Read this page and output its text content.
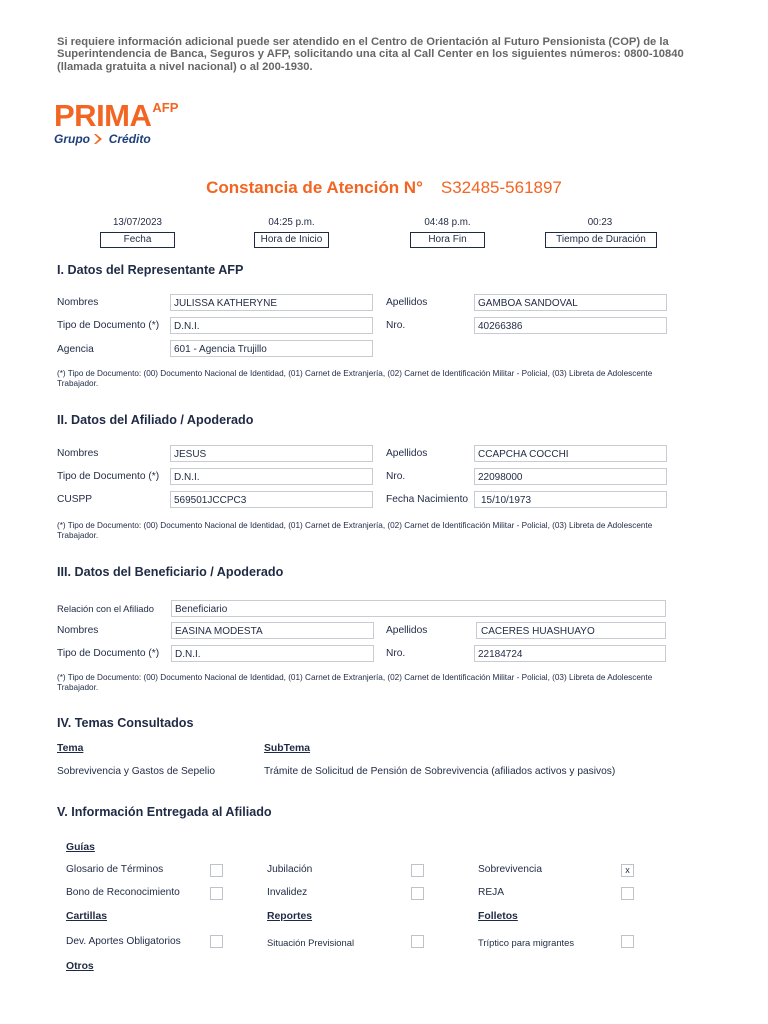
Si requiere información adicional puede ser atendido en el Centro de Orientación al Futuro Pensionista (COP) de la Superintendencia de Banca, Seguros y AFP, solicitando una cita al Call Center en los siguientes números: 0800-10840 (llamada gratuita a nivel nacional) o al 200-1930.
$PRIMA^{AFP}$
Grupo Crédito
Constancia de Atención N° S32485-561897
13/07/2023
Fecha
04:25 p.m.
Hora de Inicio
04:48 p.m.
Hora Fin
00:23
Tiempo de Duración
I. Datos del Representante AFP
Nombres	JULISSA KATHERYNE	Apellidos	GAMBOA SANDOVAL
Tipo de Documento (*)	D.N.I.	Nro.	40266386
Agencia	601 - Agencia Trujillo
(*) Tipo de Documento: (00) Documento Nacional de Identidad, (01) Carnet de Extranjería, (02) Carnet de Identificación Militar - Policial, (03) Libreta de Adolescente Trabajador.
II. Datos del Afiliado / Apoderado
Nombres	JESUS	Apellidos	CCAPCHA COCCHI
Tipo de Documento (*)	D.N.I.	Nro.	22098000
CUSPP	569501JCCPC3	Fecha Nacimiento	15/10/1973
(*) Tipo de Documento: (00) Documento Nacional de Identidad, (01) Carnet de Extranjería, (02) Carnet de Identificación Militar - Policial, (03) Libreta de Adolescente Trabajador.
III. Datos del Beneficiario / Apoderado
Relación con el Afiliado	Beneficiario
Nombres	EASINA MODESTA	Apellidos	CACERES HUASHUAYO
Tipo de Documento (*)	D.N.I.	Nro.	22184724
(*) Tipo de Documento: (00) Documento Nacional de Identidad, (01) Carnet de Extranjería, (02) Carnet de Identificación Militar - Policial, (03) Libreta de Adolescente Trabajador.
IV. Temas Consultados
Tema	SubTema
Sobrevivencia y Gastos de Sepelio	Trámite de Solicitud de Pensión de Sobrevivencia (afiliados activos y pasivos)
V. Información Entregada al Afiliado
Guías
Glosario de Términos	Jubilación	Sobrevivencia	x
Bono de Reconocimiento	Invalidez	REJA
Cartillas	Reportes	Folletos
Dev. Aportes Obligatorios	Situación Previsional	Tríptico para migrantes
Otros
